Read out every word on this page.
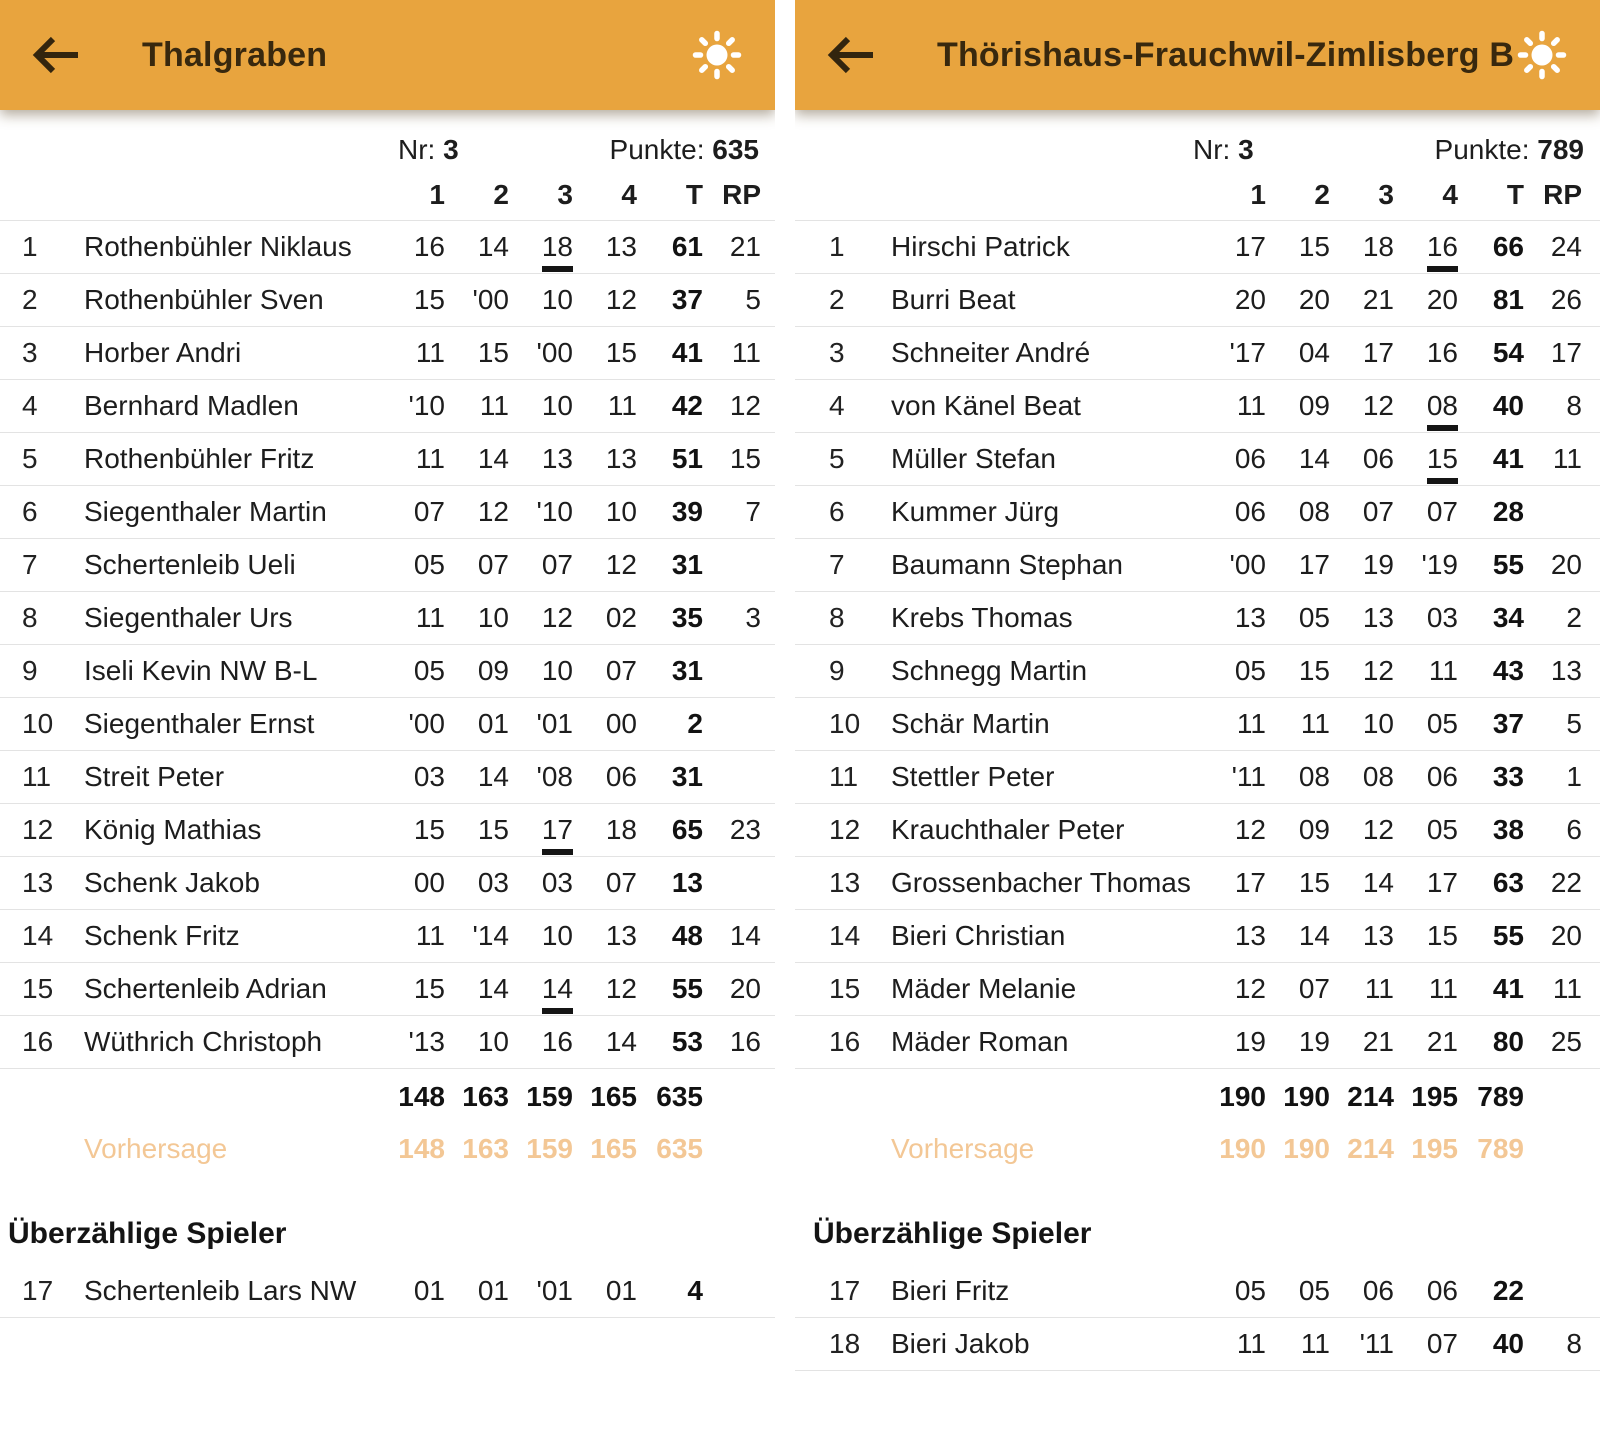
Thalgraben
Nr: 3	Punkte: 635
1	2	3	4	T RP
1	Rothenbühler Niklaus	16	14	18	13	61 21
2	Rothenbühler Sven	15 '00	10	12	37	5
3	Horber Andri	11	15 '00	15	41	11
4	Bernhard Madlen	'10	11	10	11	42 12
5	Rothenbühler Fritz	11	14	13	13	51 15
6	Siegenthaler Martin	07	12 '10	10	39	7
7	Schertenleib Ueli	05	07	07	12	31
8	Siegenthaler Urs	11	10	12	02	35	3
9	Iseli Kevin NW B-L	05	09	10	07	31
10	Siegenthaler Ernst	'00	01 '01	00	2
11	Streit Peter	03	14 '08	06	31
12	König Mathias	15	15	17	18	65 23
13	Schenk Jakob	00	03	03	07	13
14	Schenk Fritz	11 '14	10	13	48 14
15	Schertenleib Adrian	15	14	14	12	55 20
16	Wüthrich Christoph	'13	10	16	14	53 16
148 163 159 165 635
Vorhersage	148 163 159 165 635
Überzählige Spieler
17	Schertenleib Lars NW	01	01 '01	01	4
Thörishaus-Frauchwil-Zimlisberg B
Nr: 3	Punkte: 789
1	2	3	4	T RP
1	Hirschi Patrick	17	15	18	16	66 24
2	Burri Beat	20	20	21	20	81 26
3	Schneiter André	'17	04	17	16	54 17
4	von Känel Beat	11	09	12	08	40	8
5	Müller Stefan	06	14	06	15	41	11
6	Kummer Jürg	06	08	07	07	28
7	Baumann Stephan	'00	17	19 '19	55 20
8	Krebs Thomas	13	05	13	03	34	2
9	Schnegg Martin	05	15	12	11	43 13
10	Schär Martin	11	11	10	05	37	5
11	Stettler Peter	'11	08	08	06	33	1
12	Krauchthaler Peter	12	09	12	05	38	6
13	Grossenbacher Thomas	17	15	14	17	63 22
14	Bieri Christian	13	14	13	15	55 20
15	Mäder Melanie	12	07	11	11	41	11
16	Mäder Roman	19	19	21	21	80 25
190 190 214 195 789
Vorhersage	190 190 214 195 789
Überzählige Spieler
17	Bieri Fritz	05	05	06	06	22
18	Bieri Jakob	11	11	'11	07	40	8
